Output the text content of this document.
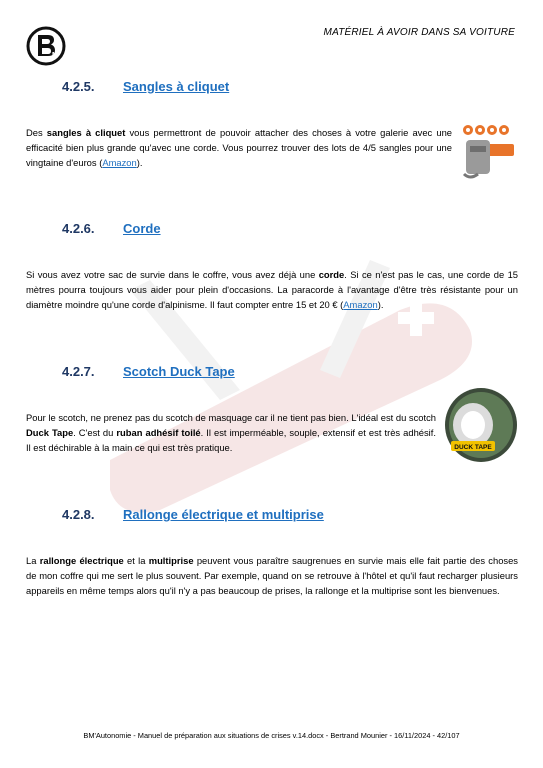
M
MATÉRIEL À AVOIR DANS SA VOITURE
4.2.5. Sangles à cliquet
Des sangles à cliquet vous permettront de pouvoir attacher des choses à votre galerie avec une efficacité bien plus grande qu'avec une corde. Vous pourrez trouver des lots de 4/5 sangles pour une vingtaine d'euros (Amazon).
4.2.6. Corde
Si vous avez votre sac de survie dans le coffre, vous avez déjà une corde. Si ce n'est pas le cas, une corde de 15 mètres pourra toujours vous aider pour plein d'occasions. La paracorde à l'avantage d'être très résistante pour un diamètre moindre qu'une corde d'alpinisme. Il faut compter entre 15 et 20 € (Amazon).
4.2.7. Scotch Duck Tape
Pour le scotch, ne prenez pas du scotch de masquage car il ne tient pas bien. L'idéal est du scotch Duck Tape. C'est du ruban adhésif toilé. Il est imperméable, souple, extensif et est très adhésif. Il est déchirable à la main ce qui est très pratique.	DUCK TAPE
4.2.8. Rallonge électrique et multiprise
La rallonge électrique et la multiprise peuvent vous paraître saugrenues en survie mais elle fait partie des choses de mon coffre qui me sert le plus souvent. Par exemple, quand on se retrouve à l'hôtel et qu'il faut recharger plusieurs appareils en même temps alors qu'il n'y a pas beaucoup de prises, la rallonge et la multiprise sont les bienvenues.
BM'Autonomie - Manuel de préparation aux situations de crises v.14.docx - Bertrand Mounier - 16/11/2024 - 42/107
